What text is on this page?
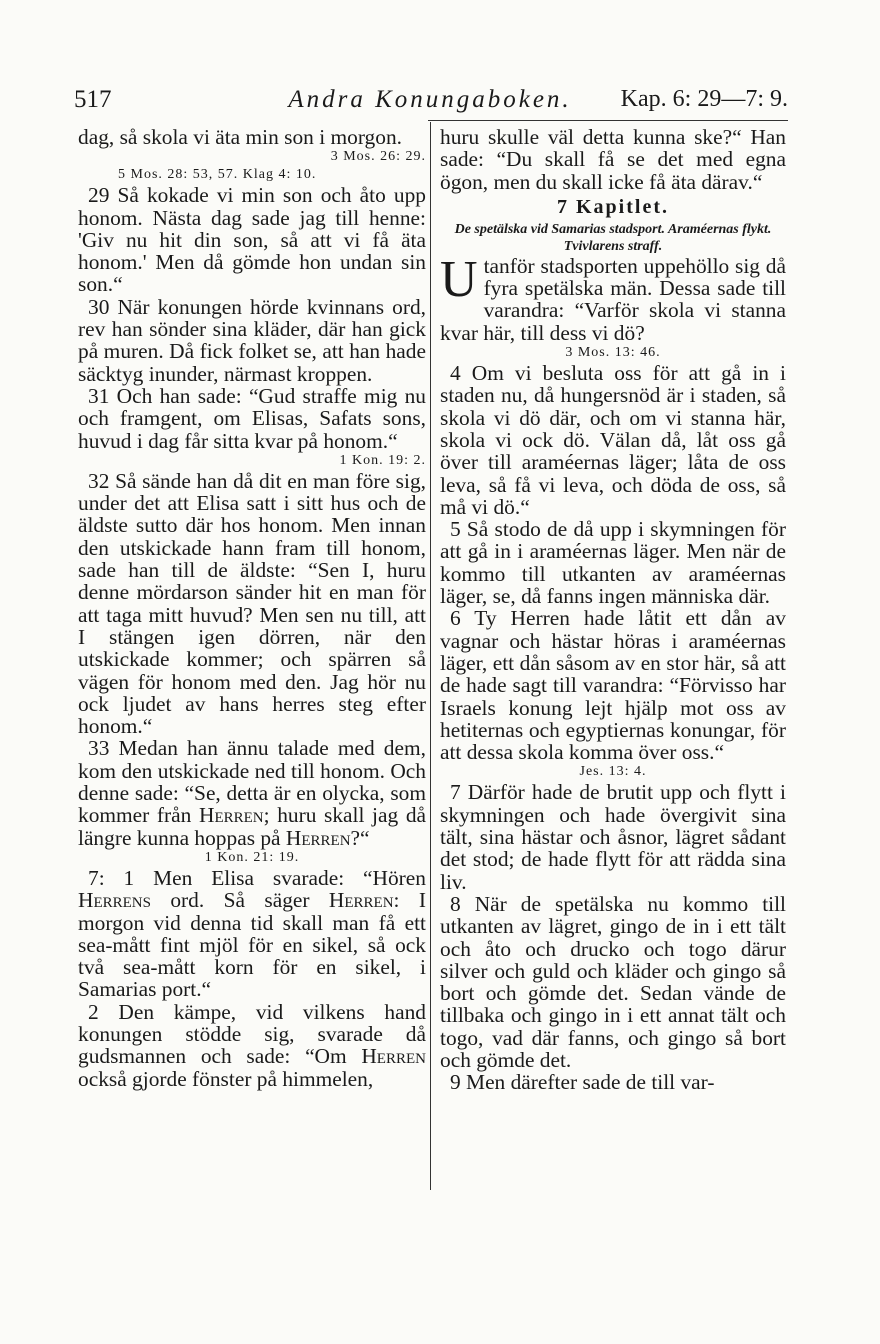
517	Andra Konungaboken.	Kap. 6: 29—7: 9.

dag, så skola vi äta min son i morgon.

3 Mos. 26: 29.

5 Mos. 28: 53, 57. Klag 4: 10.

29 Så kokade vi min son och åto upp honom. Nästa dag sade jag till henne: 'Giv nu hit din son, så att vi få äta honom.' Men då gömde hon undan sin son.“

30 När konungen hörde kvinnans ord, rev han sönder sina kläder, där han gick på muren. Då fick folket se, att han hade säcktyg inunder, närmast kroppen.

31 Och han sade: “Gud straffe mig nu och framgent, om Elisas, Safats sons, huvud i dag får sitta kvar på honom.“

1 Kon. 19: 2.

32 Så sände han då dit en man före sig, under det att Elisa satt i sitt hus och de äldste sutto där hos honom. Men innan den utskickade hann fram till honom, sade han till de äldste: “Sen I, huru denne mördarson sänder hit en man för att taga mitt huvud? Men sen nu till, att I stängen igen dörren, när den utskickade kommer; och spärren så vägen för honom med den. Jag hör nu ock ljudet av hans herres steg efter honom.“

33 Medan han ännu talade med dem, kom den utskickade ned till honom. Och denne sade: “Se, detta är en olycka, som kommer från Herren; huru skall jag då längre kunna hoppas på Herren?“

1 Kon. 21: 19.

7: 1 Men Elisa svarade: “Hören Herrens ord. Så säger Herren: I morgon vid denna tid skall man få ett sea-mått fint mjöl för en sikel, så ock två sea-mått korn för en sikel, i Samarias port.“

2 Den kämpe, vid vilkens hand konungen stödde sig, svarade då gudsmannen och sade: “Om Herren också gjorde fönster på himmelen,

huru skulle väl detta kunna ske?“ Han sade: “Du skall få se det med egna ögon, men du skall icke få äta därav.“

7 Kapitlet.

De spetälska vid Samarias stadsport. Araméernas flykt. Tvivlarens straff.

Utanför stadsporten uppehöllo sig då fyra spetälska män. Dessa sade till varandra: “Varför skola vi stanna kvar här, till dess vi dö?

3 Mos. 13: 46.

4 Om vi besluta oss för att gå in i staden nu, då hungersnöd är i staden, så skola vi dö där, och om vi stanna här, skola vi ock dö. Välan då, låt oss gå över till araméernas läger; låta de oss leva, så få vi leva, och döda de oss, så må vi dö.“

5 Så stodo de då upp i skymningen för att gå in i araméernas läger. Men när de kommo till utkanten av araméernas läger, se, då fanns ingen människa där.

6 Ty Herren hade låtit ett dån av vagnar och hästar höras i araméernas läger, ett dån såsom av en stor här, så att de hade sagt till varandra: “Förvisso har Israels konung lejt hjälp mot oss av hetiternas och egyptiernas konungar, för att dessa skola komma över oss.“

Jes. 13: 4.

7 Därför hade de brutit upp och flytt i skymningen och hade övergivit sina tält, sina hästar och åsnor, lägret sådant det stod; de hade flytt för att rädda sina liv.

8 När de spetälska nu kommo till utkanten av lägret, gingo de in i ett tält och åto och drucko och togo därur silver och guld och kläder och gingo så bort och gömde det. Sedan vände de tillbaka och gingo in i ett annat tält och togo, vad där fanns, och gingo så bort och gömde det.

9 Men därefter sade de till var-
